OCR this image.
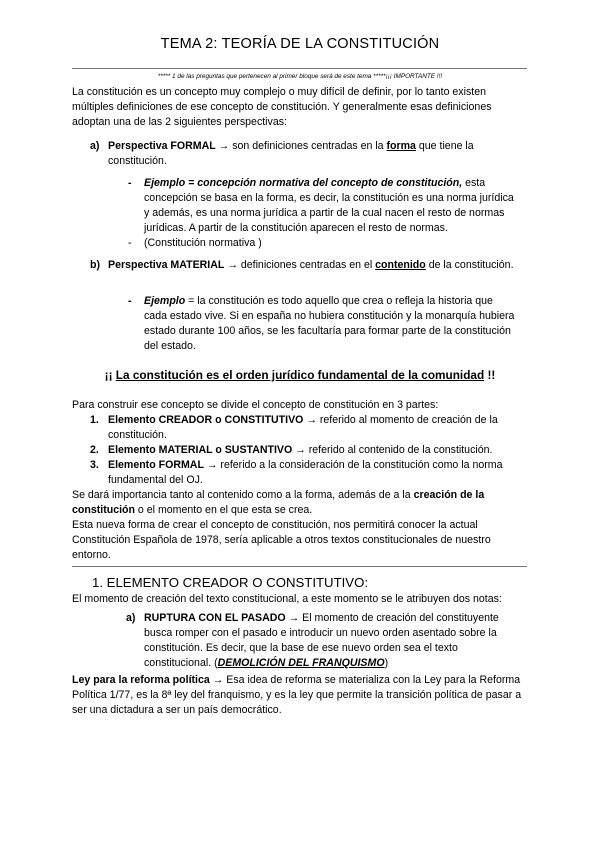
TEMA 2: TEORÍA DE LA CONSTITUCIÓN
***** 1 de las preguntas que pertenecen al primer bloque será de este tema *****¡¡¡ IMPORTANTE !!!
La constitución es un concepto muy complejo o muy difícil de definir, por lo tanto existen múltiples definiciones de ese concepto de constitución. Y generalmente esas definiciones adoptan una de las 2 siguientes perspectivas:
a) Perspectiva FORMAL → son definiciones centradas en la forma que tiene la constitución.
- Ejemplo = concepción normativa del concepto de constitución, esta concepción se basa en la forma, es decir, la constitución es una norma jurídica y además, es una norma jurídica a partir de la cual nacen el resto de normas jurídicas. A partir de la constitución aparecen el resto de normas.
- (Constitución normativa )
b) Perspectiva MATERIAL → definiciones centradas en el contenido de la constitución.
- Ejemplo = la constitución es todo aquello que crea o refleja la historia que cada estado vive. Si en españa no hubiera constitución y la monarquía hubiera estado durante 100 años, se les facultaría para formar parte de la constitución del estado.
¡¡ La constitución es el orden jurídico fundamental de la comunidad !!
Para construir ese concepto se divide el concepto de constitución en 3 partes:
1. Elemento CREADOR o CONSTITUTIVO → referido al momento de creación de la constitución.
2. Elemento MATERIAL o SUSTANTIVO → referido al contenido de la constitución.
3. Elemento FORMAL → referido a la consideración de la constitución como la norma fundamental del OJ.
Se dará importancia tanto al contenido como a la forma, además de a la creación de la constitución o el momento en el que esta se crea.
Esta nueva forma de crear el concepto de constitución, nos permitirá conocer la actual Constitución Española de 1978, sería aplicable a otros textos constitucionales de nuestro entorno.
1. ELEMENTO CREADOR O CONSTITUTIVO:
El momento de creación del texto constitucional, a este momento se le atribuyen dos notas:
a) RUPTURA CON EL PASADO → El momento de creación del constituyente busca romper con el pasado e introducir un nuevo orden asentado sobre la constitución. Es decir, que la base de ese nuevo orden sea el texto constitucional. (DEMOLICIÓN DEL FRANQUISMO)
Ley para la reforma política → Esa idea de reforma se materializa con la Ley para la Reforma Política 1/77, es la 8ª ley del franquismo, y es la ley que permite la transición política de pasar a ser una dictadura a ser un país democrático.
